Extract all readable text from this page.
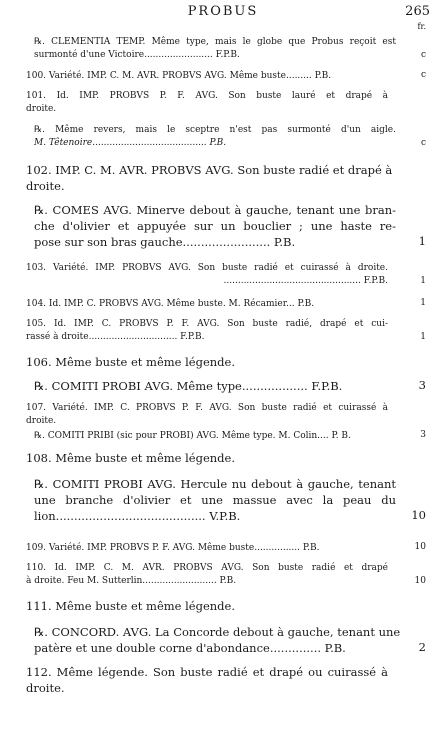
PROBUS	265
fr.
℞. CLEMENTIA TEMP. Même type, mais le globe que Probus reçoit est
surmonté d'une Victoire........................ F.P.B.	c
100. Variété. IMP. C. M. AVR. PROBVS AVG. Même buste......... P.B.	c
101. Id. IMP. PROBVS P. F. AVG. Son buste lauré et drapé à
droite.
℞. Même revers, mais le sceptre n'est pas surmonté d'un aigle.
M. Têtenoire........................................ P.B.	c
102. IMP. C. M. AVR. PROBVS AVG. Son buste radié et drapé à
droite.
℞. COMES AVG. Minerve debout à gauche, tenant une bran-
che d'olivier et appuyée sur un bouclier ; une haste re-
pose sur son bras gauche........................ P.B.	1
103. Variété. IMP. PROBVS AVG. Son buste radié et cuirassé à droite.
................................................ F.P.B.	1
104. Id. IMP. C. PROBVS AVG. Même buste. M. Récamier... P.B.	1
105. Id. IMP. C. PROBVS P. F. AVG. Son buste radié, drapé et cui-
rassé à droite............................... F.P.B.	1
106. Même buste et même légende.
℞. COMITI PROBI AVG. Même type.................. F.P.B.	3
107. Variété. IMP. C. PROBVS P. F. AVG. Son buste radié et cuirassé à
droite.
℞. COMITI PRIBI (sic pour PROBI) AVG. Même type. M. Colin.... P. B.	3
108. Même buste et même légende.
℞. COMITI PROBI AVG. Hercule nu debout à gauche, tenant
une branche d'olivier et une massue avec la peau du
lion......................................... V.P.B.	10
109. Variété. IMP. PROBVS P. F. AVG. Même buste................ P.B.	10
110. Id. IMP. C. M. AVR. PROBVS AVG. Son buste radié et drapé
à droite. Feu M. Sutterlin.......................... P.B.	10
111. Même buste et même légende.
℞. CONCORD. AVG. La Concorde debout à gauche, tenant une
patère et une double corne d'abondance.............. P.B.	2
112. Même légende. Son buste radié et drapé ou cuirassé à
droite.
